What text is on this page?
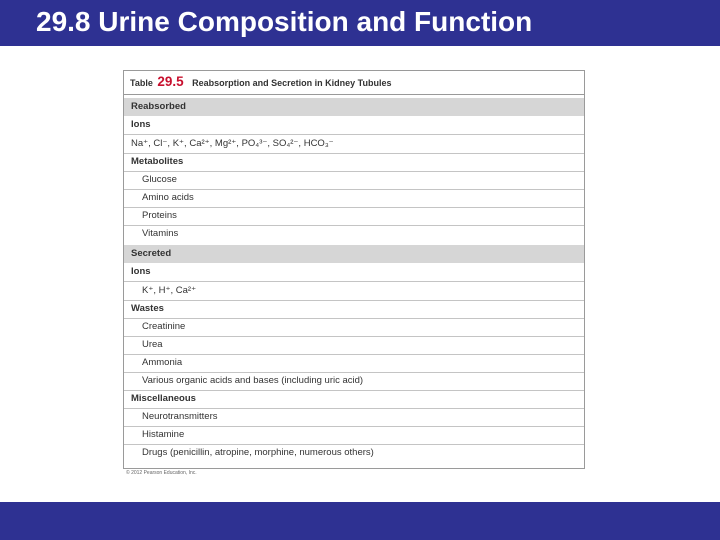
29.8 Urine Composition and Function
Table 29.5 Reabsorption and Secretion in Kidney Tubules
Reabsorbed
Ions
Na⁺, Cl⁻, K⁺, Ca²⁺, Mg²⁺, PO₄³⁻, SO₄²⁻, HCO₃⁻
Metabolites
Glucose
Amino acids
Proteins
Vitamins
Secreted
Ions
K⁺, H⁺, Ca²⁺
Wastes
Creatinine
Urea
Ammonia
Various organic acids and bases (including uric acid)
Miscellaneous
Neurotransmitters
Histamine
Drugs (penicillin, atropine, morphine, numerous others)
© 2012 Pearson Education, Inc.
